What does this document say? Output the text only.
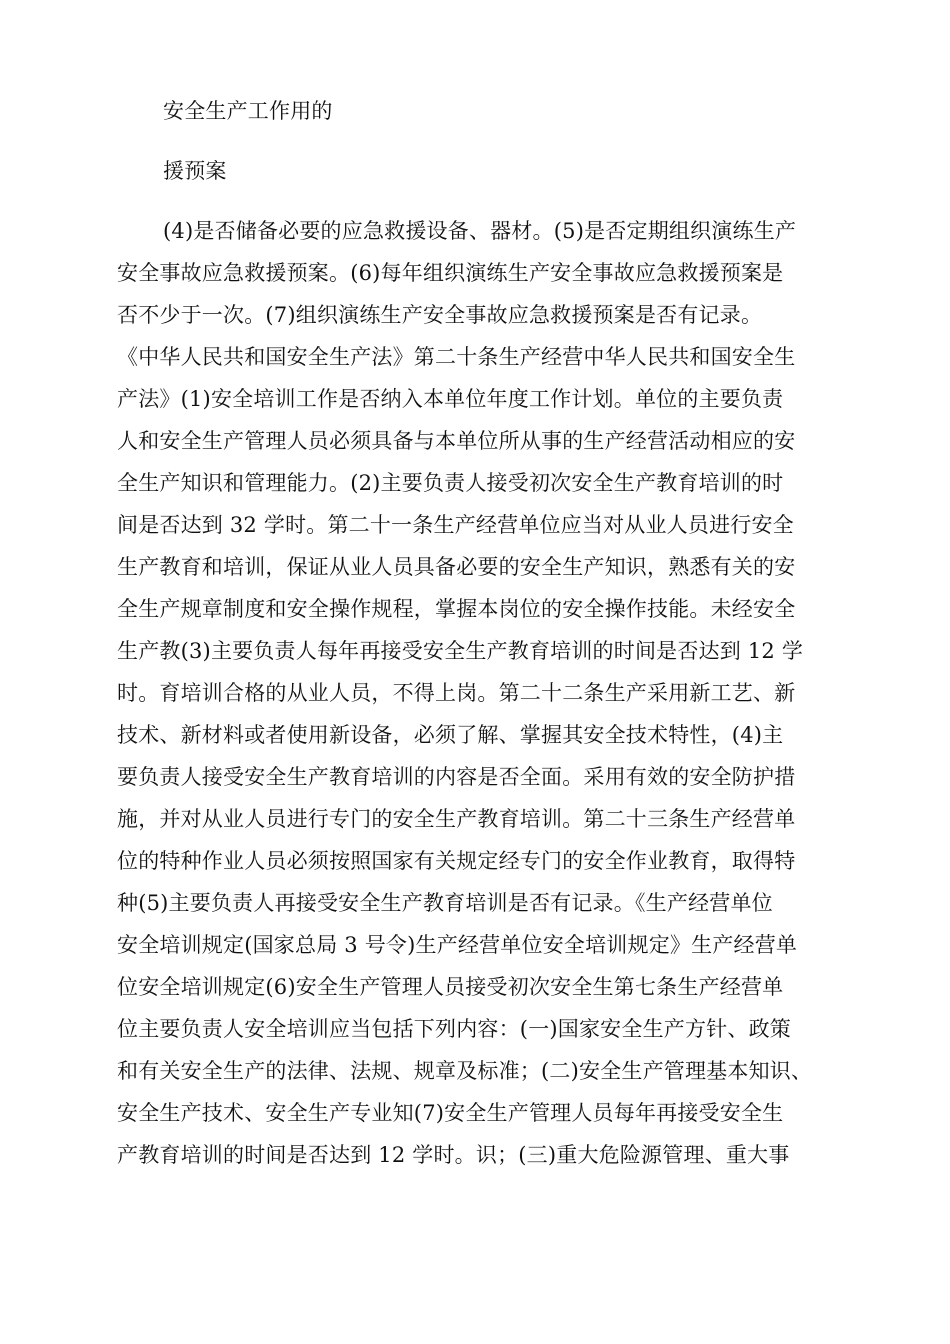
安全生产工作用的
援预案
(4)是否储备必要的应急救援设备、器材。(5)是否定期组织演练生产
安全事故应急救援预案。(6)每年组织演练生产安全事故应急救援预案是
否不少于一次。(7)组织演练生产安全事故应急救援预案是否有记录。
《中华人民共和国安全生产法》第二十条生产经营中华人民共和国安全生
产法》(1)安全培训工作是否纳入本单位年度工作计划。单位的主要负责
人和安全生产管理人员必须具备与本单位所从事的生产经营活动相应的安
全生产知识和管理能力。(2)主要负责人接受初次安全生产教育培训的时
间是否达到 32 学时。第二十一条生产经营单位应当对从业人员进行安全
生产教育和培训，保证从业人员具备必要的安全生产知识，熟悉有关的安
全生产规章制度和安全操作规程，掌握本岗位的安全操作技能。未经安全
生产教(3)主要负责人每年再接受安全生产教育培训的时间是否达到 12 学
时。育培训合格的从业人员，不得上岗。第二十二条生产采用新工艺、新
技术、新材料或者使用新设备，必须了解、掌握其安全技术特性，(4)主
要负责人接受安全生产教育培训的内容是否全面。采用有效的安全防护措
施，并对从业人员进行专门的安全生产教育培训。第二十三条生产经营单
位的特种作业人员必须按照国家有关规定经专门的安全作业教育，取得特
种(5)主要负责人再接受安全生产教育培训是否有记录。《生产经营单位
安全培训规定(国家总局 3 号令)生产经营单位安全培训规定》生产经营单
位安全培训规定(6)安全生产管理人员接受初次安全生第七条生产经营单
位主要负责人安全培训应当包括下列内容：(一)国家安全生产方针、政策
和有关安全生产的法律、法规、规章及标准；(二)安全生产管理基本知识、
安全生产技术、安全生产专业知(7)安全生产管理人员每年再接受安全生
产教育培训的时间是否达到 12 学时。识；(三)重大危险源管理、重大事
